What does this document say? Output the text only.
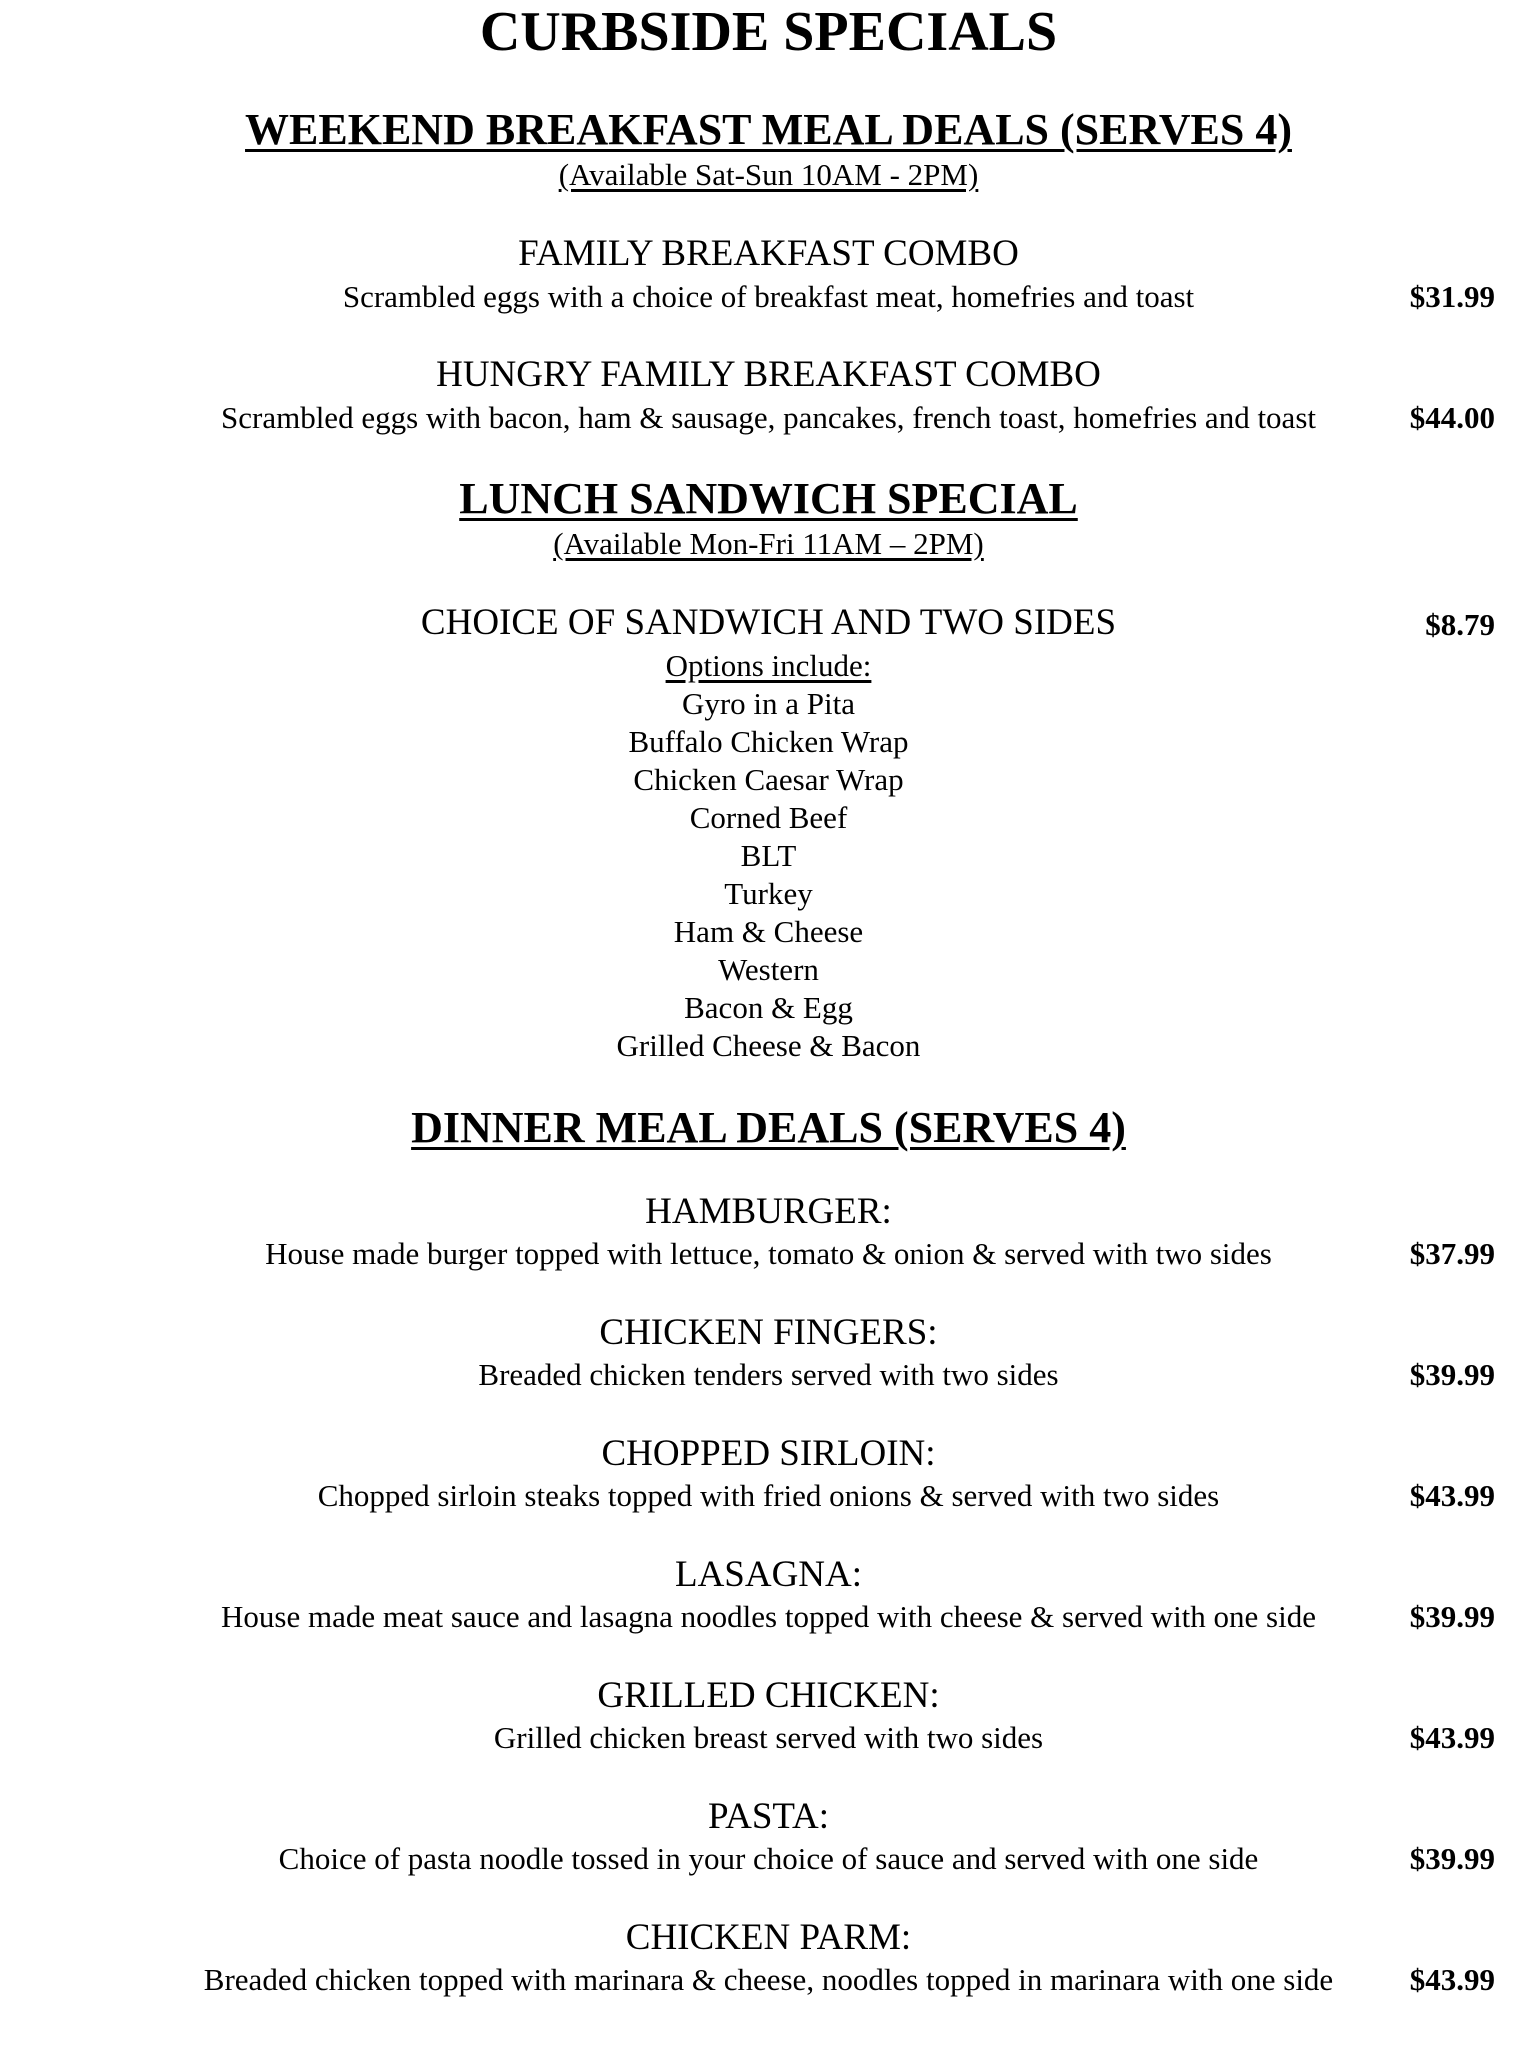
CURBSIDE SPECIALS
WEEKEND BREAKFAST MEAL DEALS (SERVES 4)
(Available Sat-Sun 10AM - 2PM)
FAMILY BREAKFAST COMBO
Scrambled eggs with a choice of breakfast meat, homefries and toast	$31.99
HUNGRY FAMILY BREAKFAST COMBO
Scrambled eggs with bacon, ham & sausage, pancakes, french toast, homefries and toast	$44.00
LUNCH SANDWICH SPECIAL
(Available Mon-Fri 11AM – 2PM)
CHOICE OF SANDWICH AND TWO SIDES	$8.79
Options include:
Gyro in a Pita
Buffalo Chicken Wrap
Chicken Caesar Wrap
Corned Beef
BLT
Turkey
Ham & Cheese
Western
Bacon & Egg
Grilled Cheese & Bacon
DINNER MEAL DEALS (SERVES 4)
HAMBURGER:
House made burger topped with lettuce, tomato & onion & served with two sides	$37.99
CHICKEN FINGERS:
Breaded chicken tenders served with two sides	$39.99
CHOPPED SIRLOIN:
Chopped sirloin steaks topped with fried onions & served with two sides	$43.99
LASAGNA:
House made meat sauce and lasagna noodles topped with cheese & served with one side	$39.99
GRILLED CHICKEN:
Grilled chicken breast served with two sides	$43.99
PASTA:
Choice of pasta noodle tossed in your choice of sauce and served with one side	$39.99
CHICKEN PARM:
Breaded chicken topped with marinara & cheese, noodles topped in marinara with one side $43.99
